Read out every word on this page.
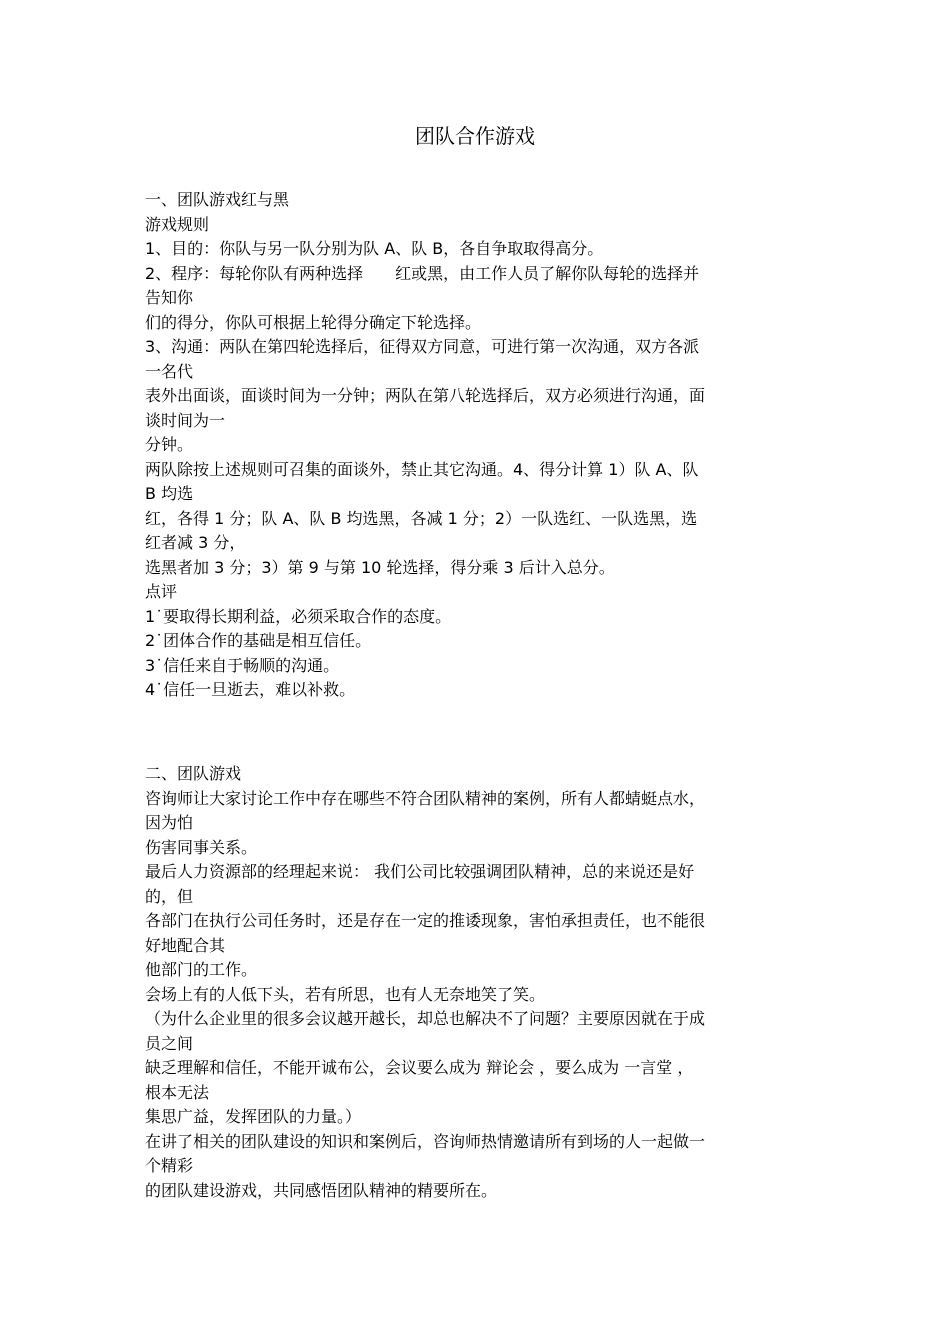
团队合作游戏
一、团队游戏红与黑
游戏规则
1、目的：你队与另一队分别为队 A、队 B，各自争取取得高分。
2、程序：每轮你队有两种选择　　红或黑，由工作人员了解你队每轮的选择并
告知你
们的得分，你队可根据上轮得分确定下轮选择。
3、沟通：两队在第四轮选择后，征得双方同意，可进行第一次沟通，双方各派
一名代
表外出面谈，面谈时间为一分钟；两队在第八轮选择后，双方必须进行沟通，面
谈时间为一
分钟。
两队除按上述规则可召集的面谈外，禁止其它沟通。4、得分计算 1）队 A、队
B 均选
红，各得 1 分；队 A、队 B 均选黑，各减 1 分；2）一队选红、一队选黑，选
红者减 3 分，
选黑者加 3 分；3）第 9 与第 10 轮选择，得分乘 3 后计入总分。
点评
1˙要取得长期利益，必须采取合作的态度。
2˙团体合作的基础是相互信任。
3˙信任来自于畅顺的沟通。
4˙信任一旦逝去，难以补救。
二、团队游戏
咨询师让大家讨论工作中存在哪些不符合团队精神的案例，所有人都蜻蜓点水，
因为怕
伤害同事关系。
最后人力资源部的经理起来说： 我们公司比较强调团队精神，总的来说还是好
的，但
各部门在执行公司任务时，还是存在一定的推诿现象，害怕承担责任，也不能很
好地配合其
他部门的工作。
会场上有的人低下头，若有所思，也有人无奈地笑了笑。
（为什么企业里的很多会议越开越长，却总也解决不了问题？主要原因就在于成
员之间
缺乏理解和信任，不能开诚布公，会议要么成为 辩论会 ，要么成为 一言堂 ，
根本无法
集思广益，发挥团队的力量。）
在讲了相关的团队建设的知识和案例后，咨询师热情邀请所有到场的人一起做一
个精彩
的团队建设游戏，共同感悟团队精神的精要所在。
